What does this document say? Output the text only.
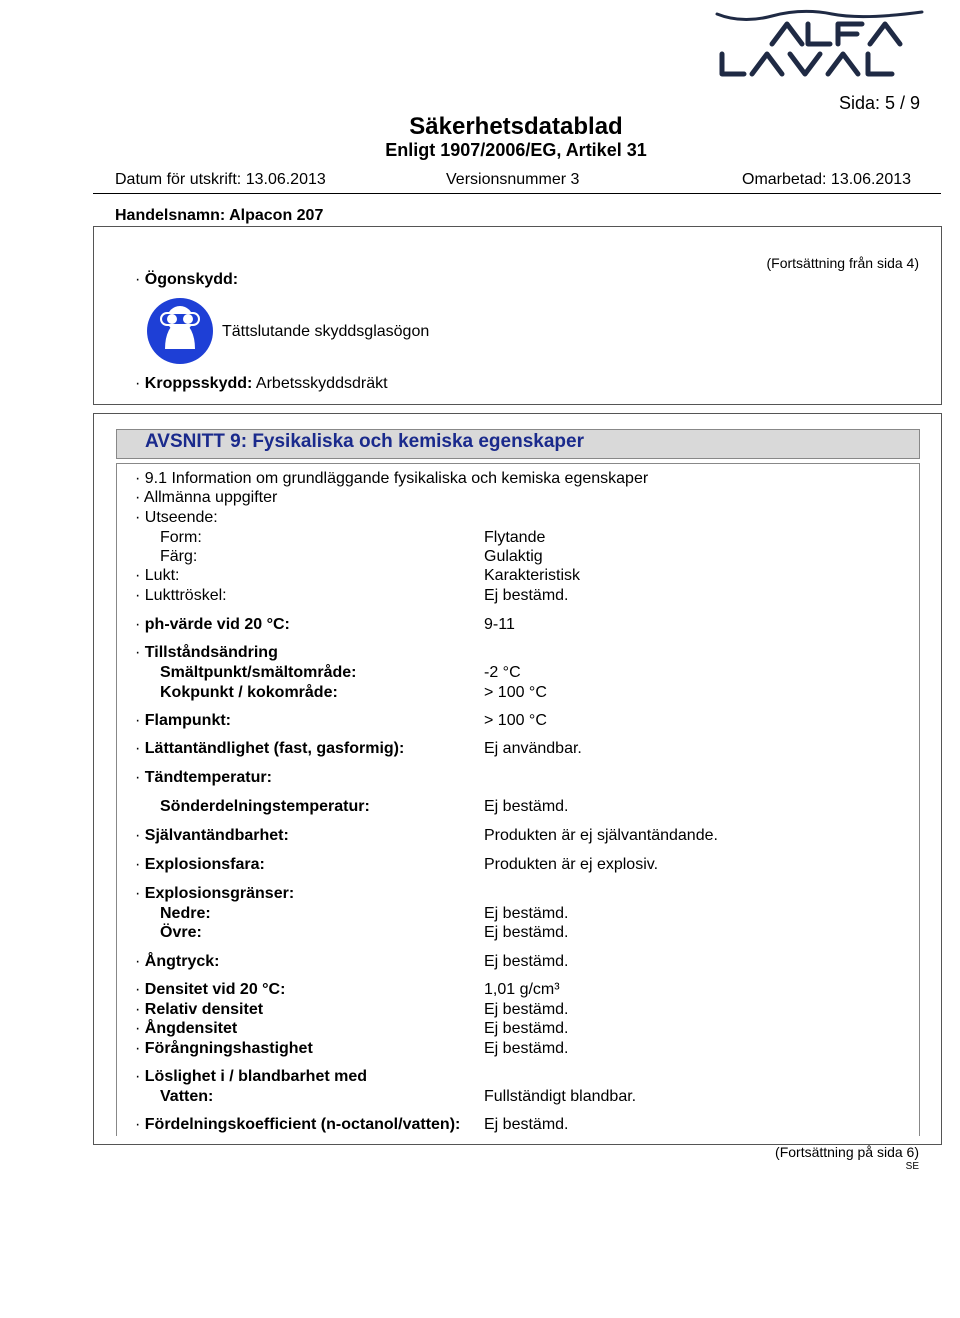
ALFA LAVAL
Sida: 5 / 9
Säkerhetsdatablad
Enligt 1907/2006/EG, Artikel 31
Datum för utskrift: 13.06.2013	Versionsnummer 3	Omarbetad: 13.06.2013
Handelsnamn: Alpacon 207
(Fortsättning från sida 4)
· Ögonskydd:
Tättslutande skyddsglasögon
· Kroppsskydd: Arbetsskyddsdräkt
AVSNITT 9: Fysikaliska och kemiska egenskaper
· 9.1 Information om grundläggande fysikaliska och kemiska egenskaper
· Allmänna uppgifter
· Utseende:
Form:	Flytande
Färg:	Gulaktig
· Lukt:	Karakteristisk
· Lukttröskel:	Ej bestämd.
· ph-värde vid 20 °C:	9-11
· Tillståndsändring
Smältpunkt/smältområde:	-2 °C
Kokpunkt / kokområde:	> 100 °C
· Flampunkt:	> 100 °C
· Lättantändlighet (fast, gasformig):	Ej användbar.
· Tändtemperatur:
Sönderdelningstemperatur:	Ej bestämd.
· Självantändbarhet:	Produkten är ej självantändande.
· Explosionsfara:	Produkten är ej explosiv.
· Explosionsgränser:
Nedre:	Ej bestämd.
Övre:	Ej bestämd.
· Ångtryck:	Ej bestämd.
· Densitet vid 20 °C:	1,01 g/cm³
· Relativ densitet	Ej bestämd.
· Ångdensitet	Ej bestämd.
· Förångningshastighet	Ej bestämd.
· Löslighet i / blandbarhet med
Vatten:	Fullständigt blandbar.
· Fördelningskoefficient (n-octanol/vatten): Ej bestämd.
(Fortsättning på sida 6)
SE
